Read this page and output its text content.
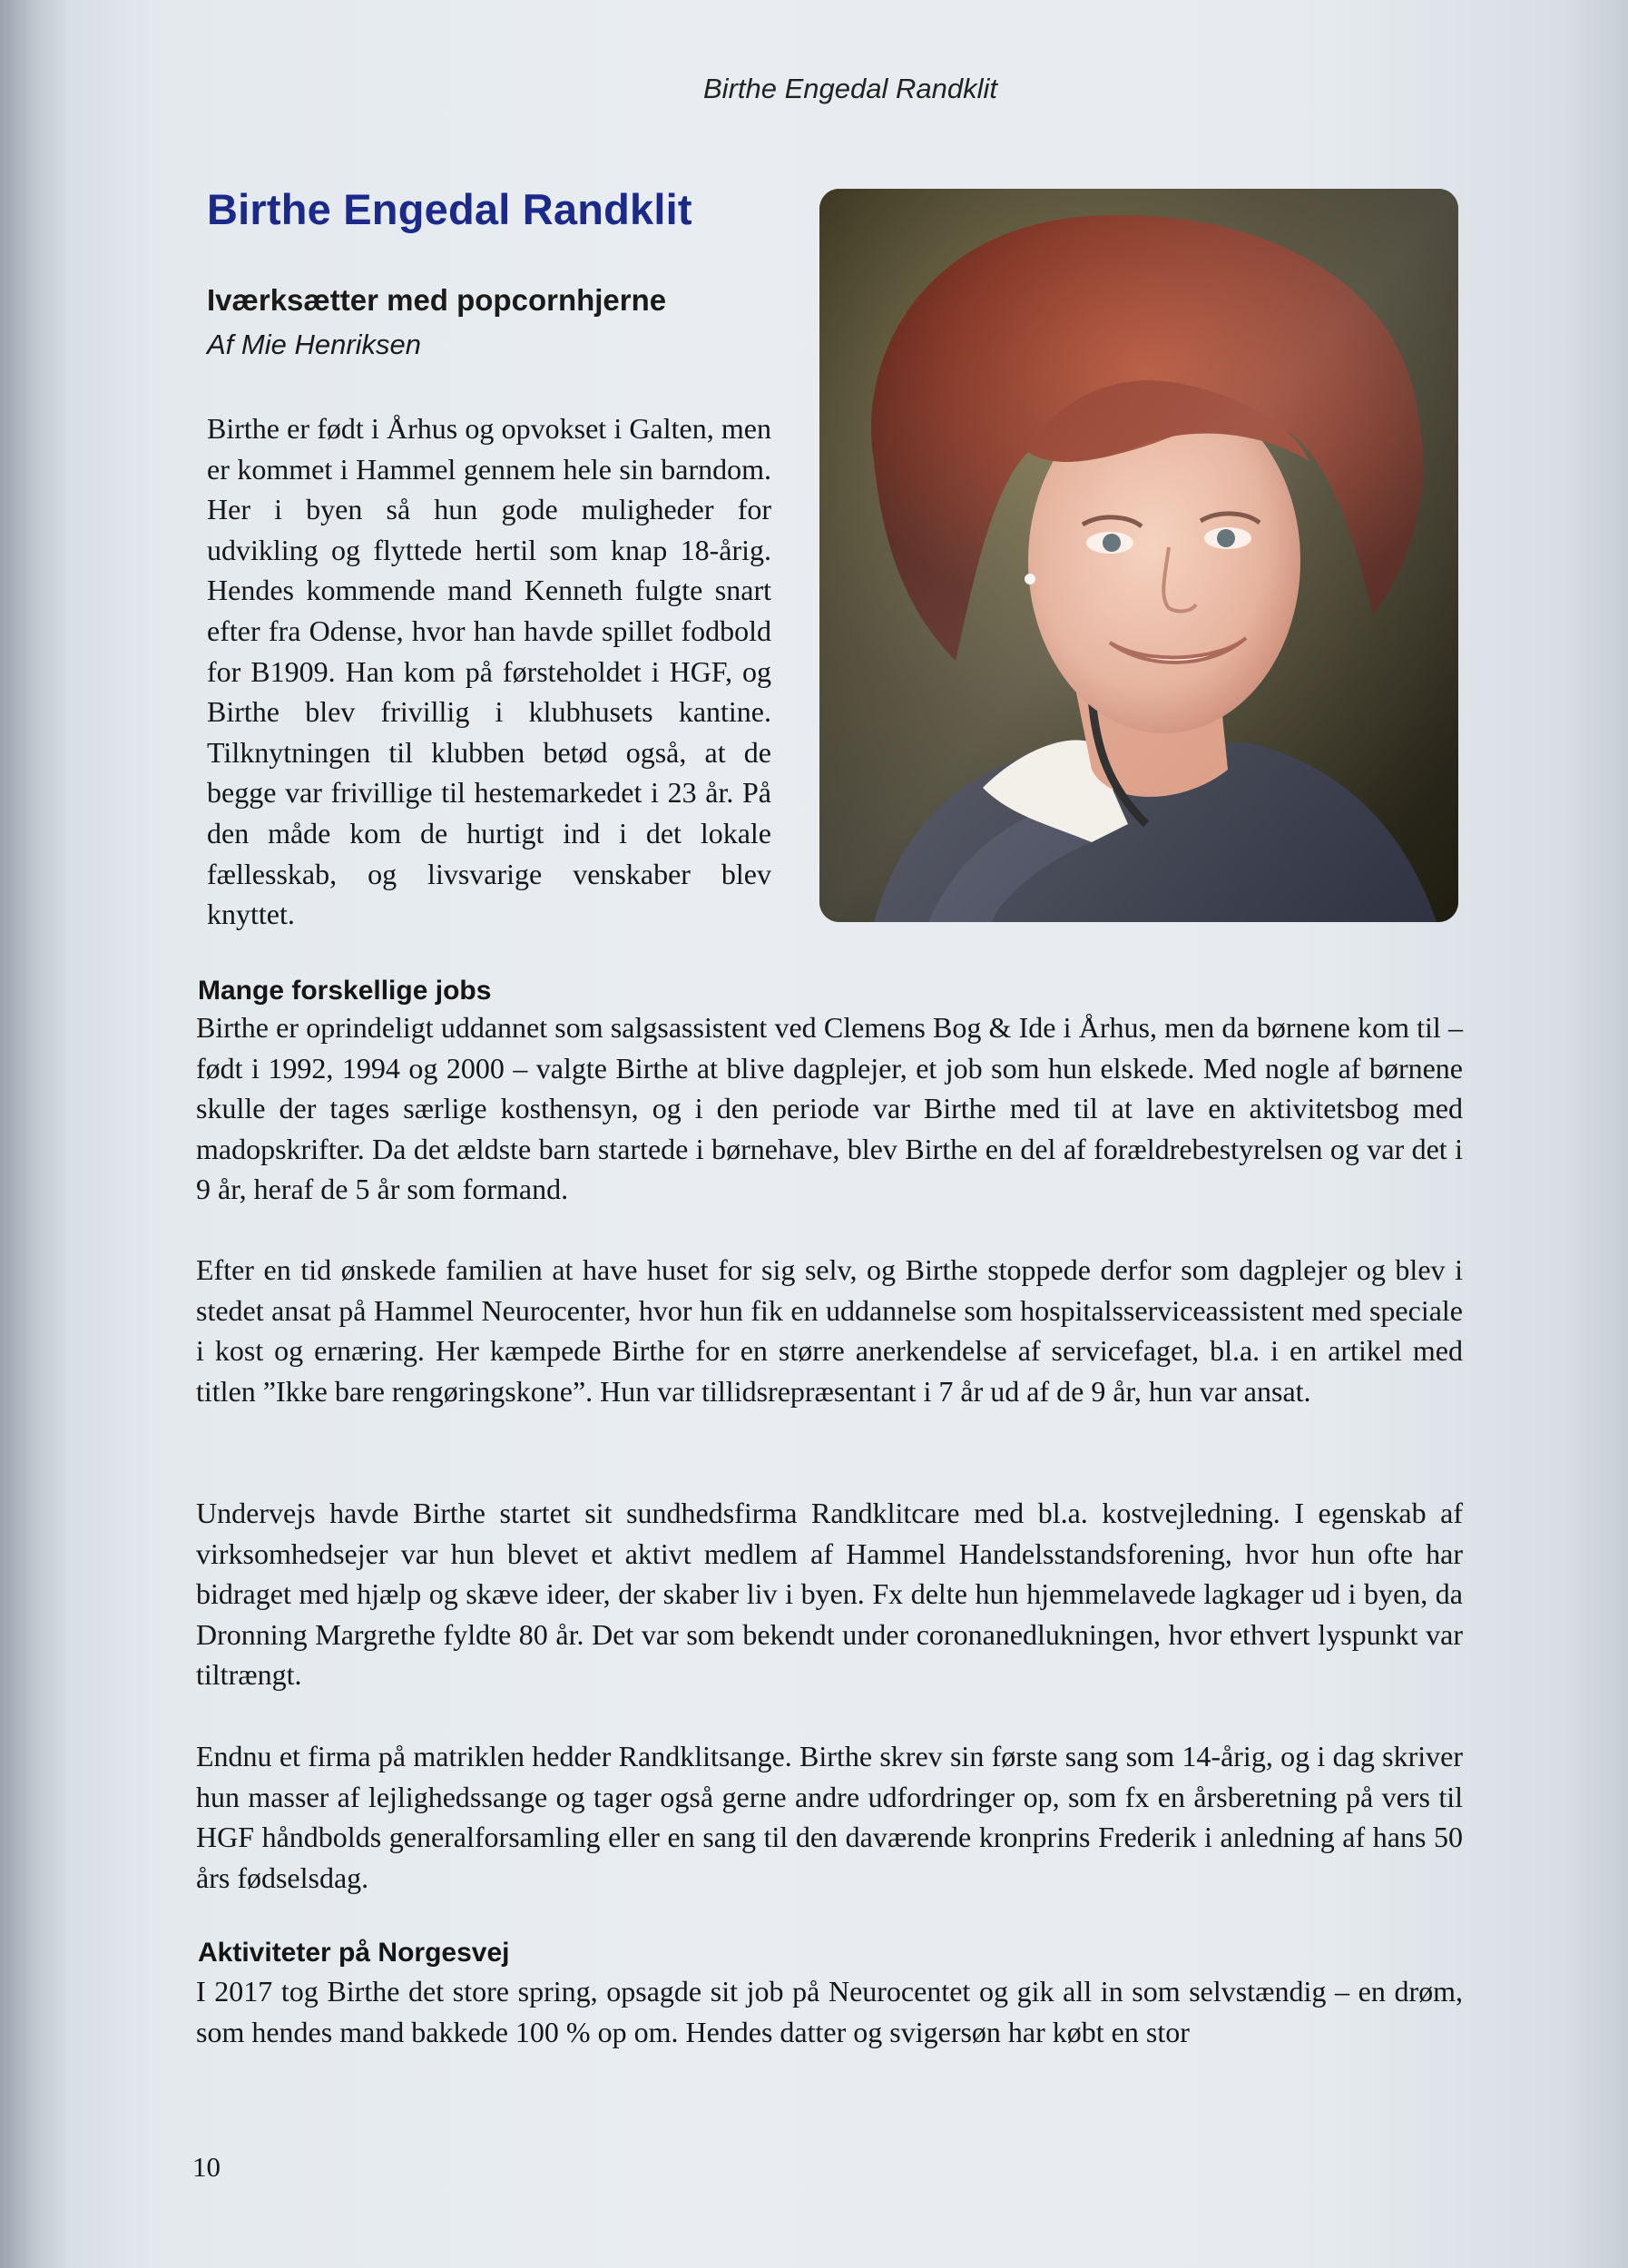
Birthe Engedal Randklit
Birthe Engedal Randklit
Iværksætter med popcornhjerne
Af Mie Henriksen

Birthe er født i Århus og opvokset i Galten, men er kommet i Hammel gennem hele sin barndom. Her i byen så hun gode muligheder for udvikling og flyttede hertil som knap 18-årig. Hendes kommende mand Kenneth fulgte snart efter fra Odense, hvor han havde spillet fodbold for B1909. Han kom på førsteholdet i HGF, og Birthe blev frivillig i klubhusets kantine. Tilknytningen til klubben betød også, at de begge var frivillige til hestemarkedet i 23 år. På den måde kom de hurtigt ind i det lokale fællesskab, og livsvarige venskaber blev knyttet.

Mange forskellige jobs

Birthe er oprindeligt uddannet som salgsassistent ved Clemens Bog & Ide i Århus, men da børnene kom til – født i 1992, 1994 og 2000 – valgte Birthe at blive dagplejer, et job som hun elskede. Med nogle af børnene skulle der tages særlige kosthensyn, og i den periode var Birthe med til at lave en aktivitetsbog med madopskrifter. Da det ældste barn startede i børnehave, blev Birthe en del af forældrebestyrelsen og var det i 9 år, heraf de 5 år som formand.

Efter en tid ønskede familien at have huset for sig selv, og Birthe stoppede derfor som dagplejer og blev i stedet ansat på Hammel Neurocenter, hvor hun fik en uddannelse som hospitalsserviceassistent med speciale i kost og ernæring. Her kæmpede Birthe for en større anerkendelse af servicefaget, bl.a. i en artikel med titlen ”Ikke bare rengøringskone”. Hun var tillidsrepræsentant i 7 år ud af de 9 år, hun var ansat.

Undervejs havde Birthe startet sit sundhedsfirma Randklitcare med bl.a. kostvejledning. I egenskab af virksomhedsejer var hun blevet et aktivt medlem af Hammel Handelsstandsforening, hvor hun ofte har bidraget med hjælp og skæve ideer, der skaber liv i byen. Fx delte hun hjemmelavede lagkager ud i byen, da Dronning Margrethe fyldte 80 år. Det var som bekendt under coronanedlukningen, hvor ethvert lyspunkt var tiltrængt.

Endnu et firma på matriklen hedder Randklitsange. Birthe skrev sin første sang som 14-årig, og i dag skriver hun masser af lejlighedssange og tager også gerne andre udfordringer op, som fx en årsberetning på vers til HGF håndbolds generalforsamling eller en sang til den daværende kronprins Frederik i anledning af hans 50 års fødselsdag.

Aktiviteter på Norgesvej

I 2017 tog Birthe det store spring, opsagde sit job på Neurocentet og gik all in som selvstændig – en drøm, som hendes mand bakkede 100 % op om. Hendes datter og svigersøn har købt en stor

10
